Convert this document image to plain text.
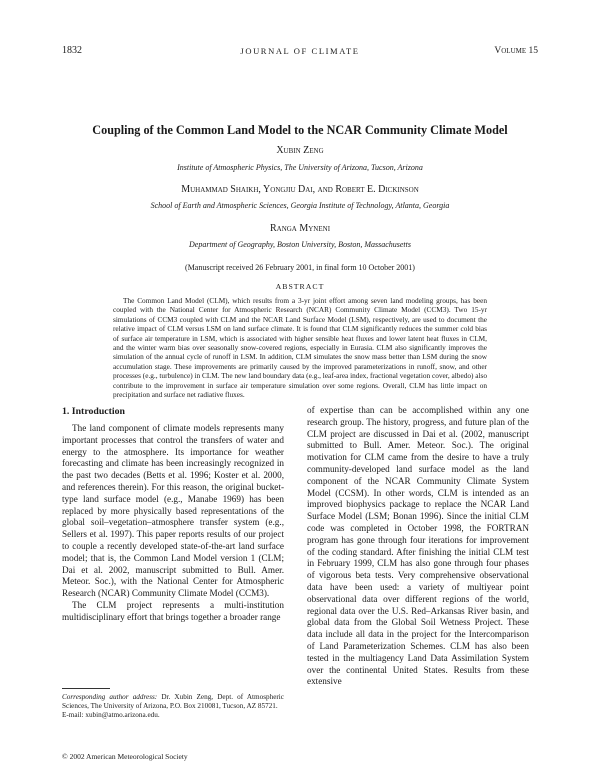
1832	JOURNAL OF CLIMATE	Volume 15
Coupling of the Common Land Model to the NCAR Community Climate Model
Xubin Zeng
Institute of Atmospheric Physics, The University of Arizona, Tucson, Arizona
Muhammad Shaikh, Yongjiu Dai, and Robert E. Dickinson
School of Earth and Atmospheric Sciences, Georgia Institute of Technology, Atlanta, Georgia
Ranga Myneni
Department of Geography, Boston University, Boston, Massachusetts
(Manuscript received 26 February 2001, in final form 10 October 2001)
ABSTRACT
The Common Land Model (CLM), which results from a 3-yr joint effort among seven land modeling groups, has been coupled with the National Center for Atmospheric Research (NCAR) Community Climate Model (CCM3). Two 15-yr simulations of CCM3 coupled with CLM and the NCAR Land Surface Model (LSM), respectively, are used to document the relative impact of CLM versus LSM on land surface climate. It is found that CLM significantly reduces the summer cold bias of surface air temperature in LSM, which is associated with higher sensible heat fluxes and lower latent heat fluxes in CLM, and the winter warm bias over seasonally snow-covered regions, especially in Eurasia. CLM also significantly improves the simulation of the annual cycle of runoff in LSM. In addition, CLM simulates the snow mass better than LSM during the snow accumulation stage. These improvements are primarily caused by the improved parameterizations in runoff, snow, and other processes (e.g., turbulence) in CLM. The new land boundary data (e.g., leaf-area index, fractional vegetation cover, albedo) also contribute to the improvement in surface air temperature simulation over some regions. Overall, CLM has little impact on precipitation and surface net radiative fluxes.
1. Introduction

The land component of climate models represents many important processes that control the transfers of water and energy to the atmosphere. Its importance for weather forecasting and climate has been increasingly recognized in the past two decades (Betts et al. 1996; Koster et al. 2000, and references therein). For this reason, the original bucket-type land surface model (e.g., Manabe 1969) has been replaced by more physically based representations of the global soil–vegetation–atmosphere transfer system (e.g., Sellers et al. 1997). This paper reports results of our project to couple a recently developed state-of-the-art land surface model; that is, the Common Land Model version 1 (CLM; Dai et al. 2002, manuscript submitted to Bull. Amer. Meteor. Soc.), with the National Center for Atmospheric Research (NCAR) Community Climate Model (CCM3).

The CLM project represents a multi-institution multidisciplinary effort that brings together a broader range

of expertise than can be accomplished within any one research group. The history, progress, and future plan of the CLM project are discussed in Dai et al. (2002, manuscript submitted to Bull. Amer. Meteor. Soc.). The original motivation for CLM came from the desire to have a truly community-developed land surface model as the land component of the NCAR Community Climate System Model (CCSM). In other words, CLM is intended as an improved biophysics package to replace the NCAR Land Surface Model (LSM; Bonan 1996). Since the initial CLM code was completed in October 1998, the FORTRAN program has gone through four iterations for improvement of the coding standard. After finishing the initial CLM test in February 1999, CLM has also gone through four phases of vigorous beta tests. Very comprehensive observational data have been used: a variety of multiyear point observational data over different regions of the world, regional data over the U.S. Red–Arkansas River basin, and global data from the Global Soil Wetness Project. These data include all data in the project for the Intercomparison of Land Parameterization Schemes. CLM has also been tested in the multiagency Land Data Assimilation System over the continental United States. Results from these extensive

Corresponding author address: Dr. Xubin Zeng, Dept. of Atmospheric Sciences, The University of Arizona, P.O. Box 210081, Tucson, AZ 85721.
E-mail: xubin@atmo.arizona.edu.
© 2002 American Meteorological Society
